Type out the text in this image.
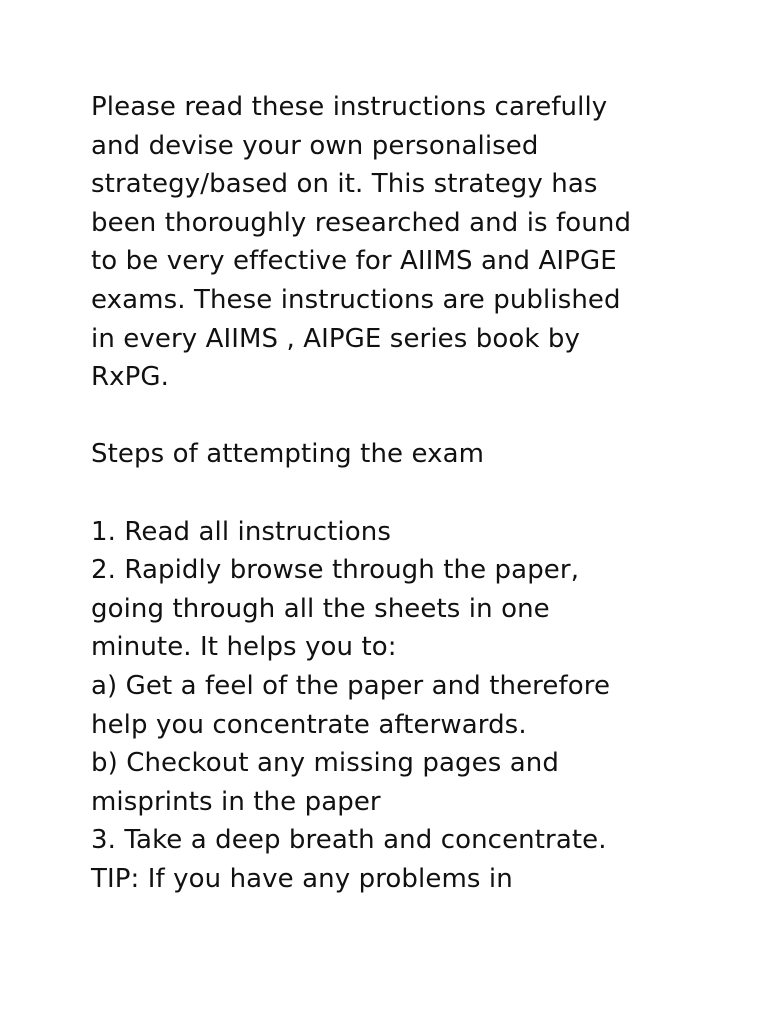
Please read these instructions carefully
and devise your own personalised
strategy/based on it. This strategy has
been thoroughly researched and is found
to be very effective for AIIMS and AIPGE
exams. These instructions are published
in every AIIMS , AIPGE series book by
RxPG.
Steps of attempting the exam
1. Read all instructions
2. Rapidly browse through the paper,
going through all the sheets in one
minute. It helps you to:
a) Get a feel of the paper and therefore
help you concentrate afterwards.
b) Checkout any missing pages and
misprints in the paper
3. Take a deep breath and concentrate.
TIP: If you have any problems in
